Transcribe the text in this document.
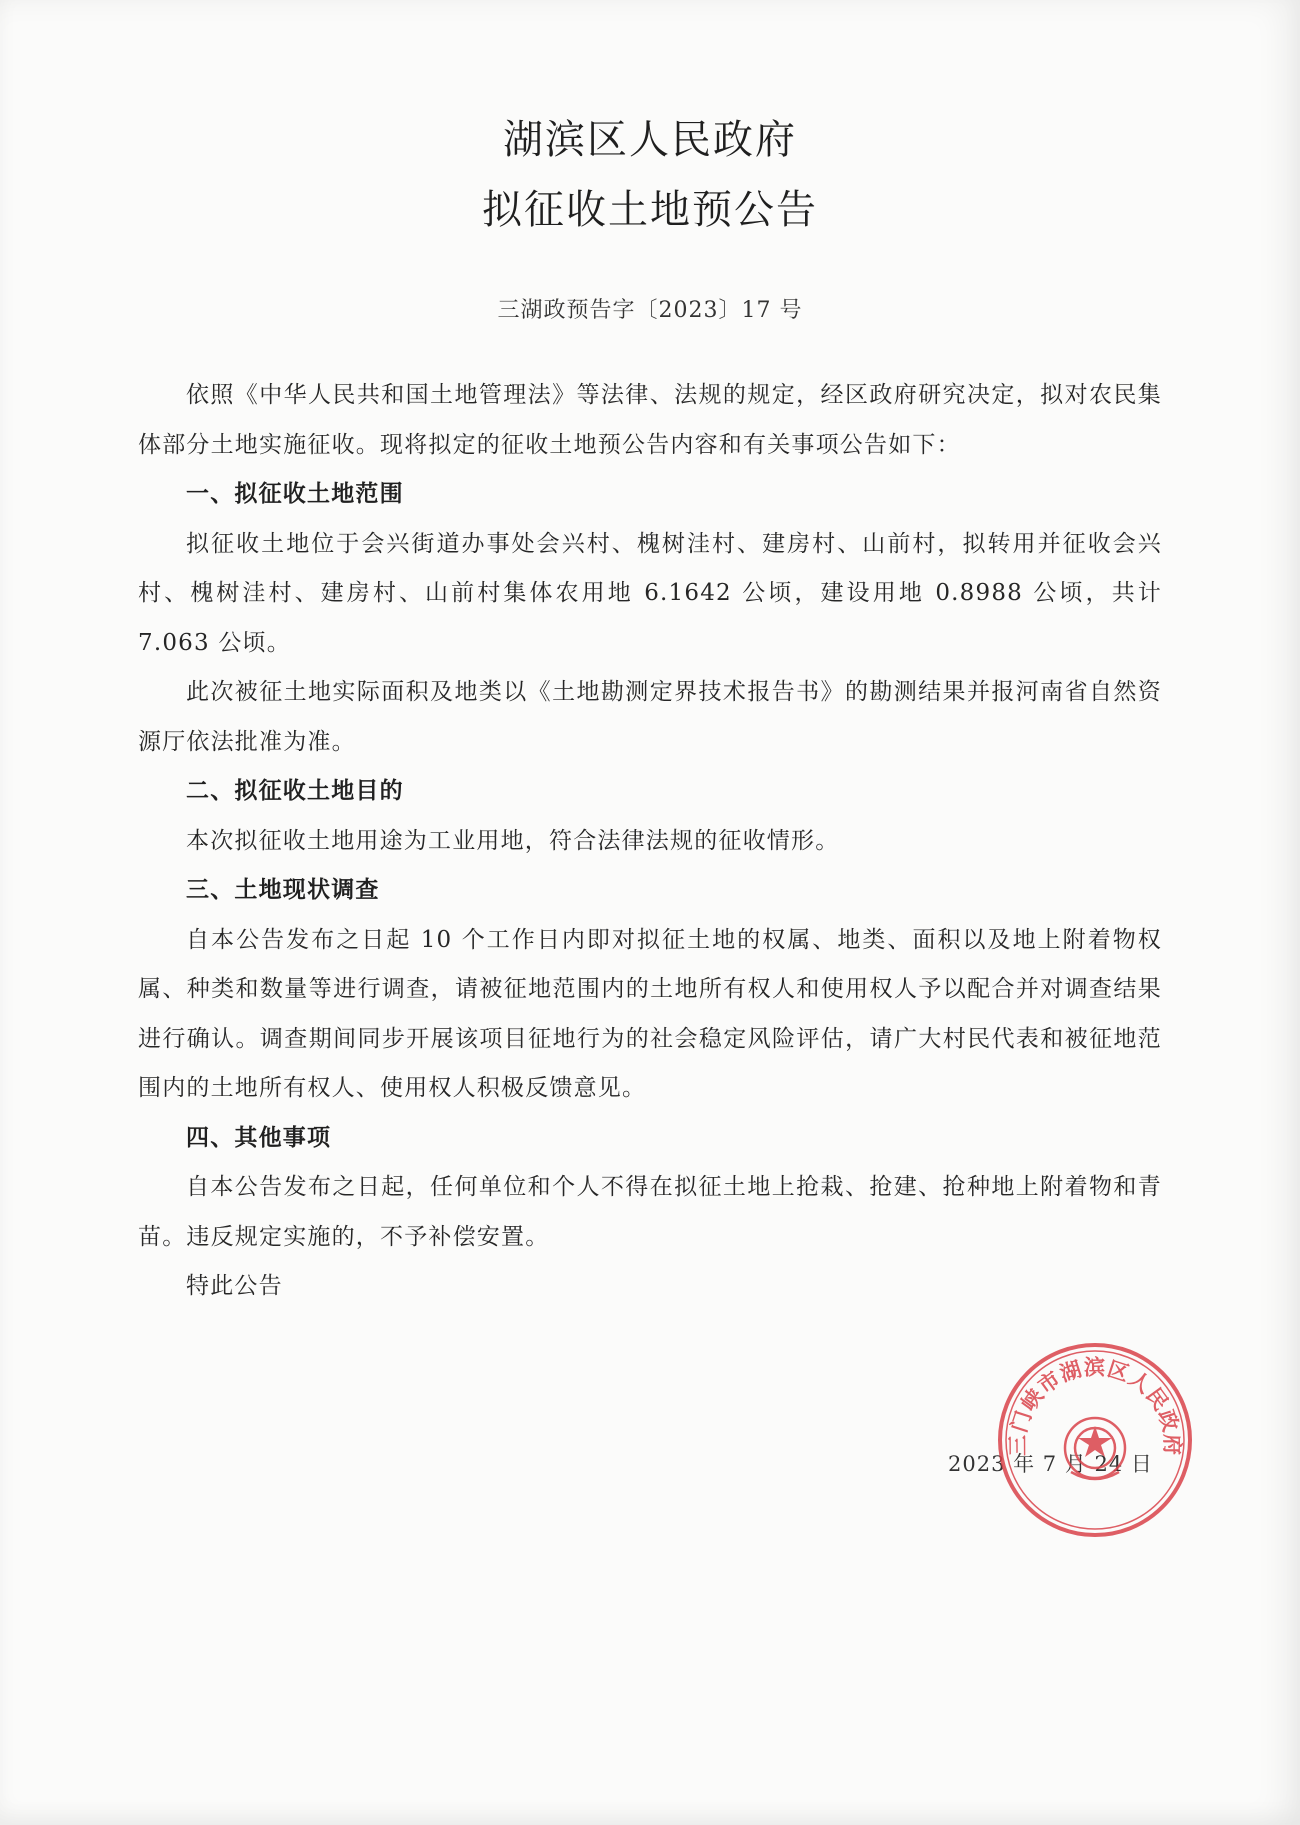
湖滨区人民政府
拟征收土地预公告
三湖政预告字〔2023〕17 号

依照《中华人民共和国土地管理法》等法律、法规的规定，经区政府研究决定，拟对农民集体部分土地实施征收。现将拟定的征收土地预公告内容和有关事项公告如下：

一、拟征收土地范围

拟征收土地位于会兴街道办事处会兴村、槐树洼村、建房村、山前村，拟转用并征收会兴村、槐树洼村、建房村、山前村集体农用地 6.1642 公顷，建设用地 0.8988 公顷，共计 7.063 公顷。

此次被征土地实际面积及地类以《土地勘测定界技术报告书》的勘测结果并报河南省自然资源厅依法批准为准。

二、拟征收土地目的

本次拟征收土地用途为工业用地，符合法律法规的征收情形。

三、土地现状调查

自本公告发布之日起 10 个工作日内即对拟征土地的权属、地类、面积以及地上附着物权属、种类和数量等进行调查，请被征地范围内的土地所有权人和使用权人予以配合并对调查结果进行确认。调查期间同步开展该项目征地行为的社会稳定风险评估，请广大村民代表和被征地范围内的土地所有权人、使用权人积极反馈意见。

四、其他事项

自本公告发布之日起，任何单位和个人不得在拟征土地上抢栽、抢建、抢种地上附着物和青苗。违反规定实施的，不予补偿安置。

特此公告

2023 年 7 月 24 日
三门峡市湖滨区人民政府
